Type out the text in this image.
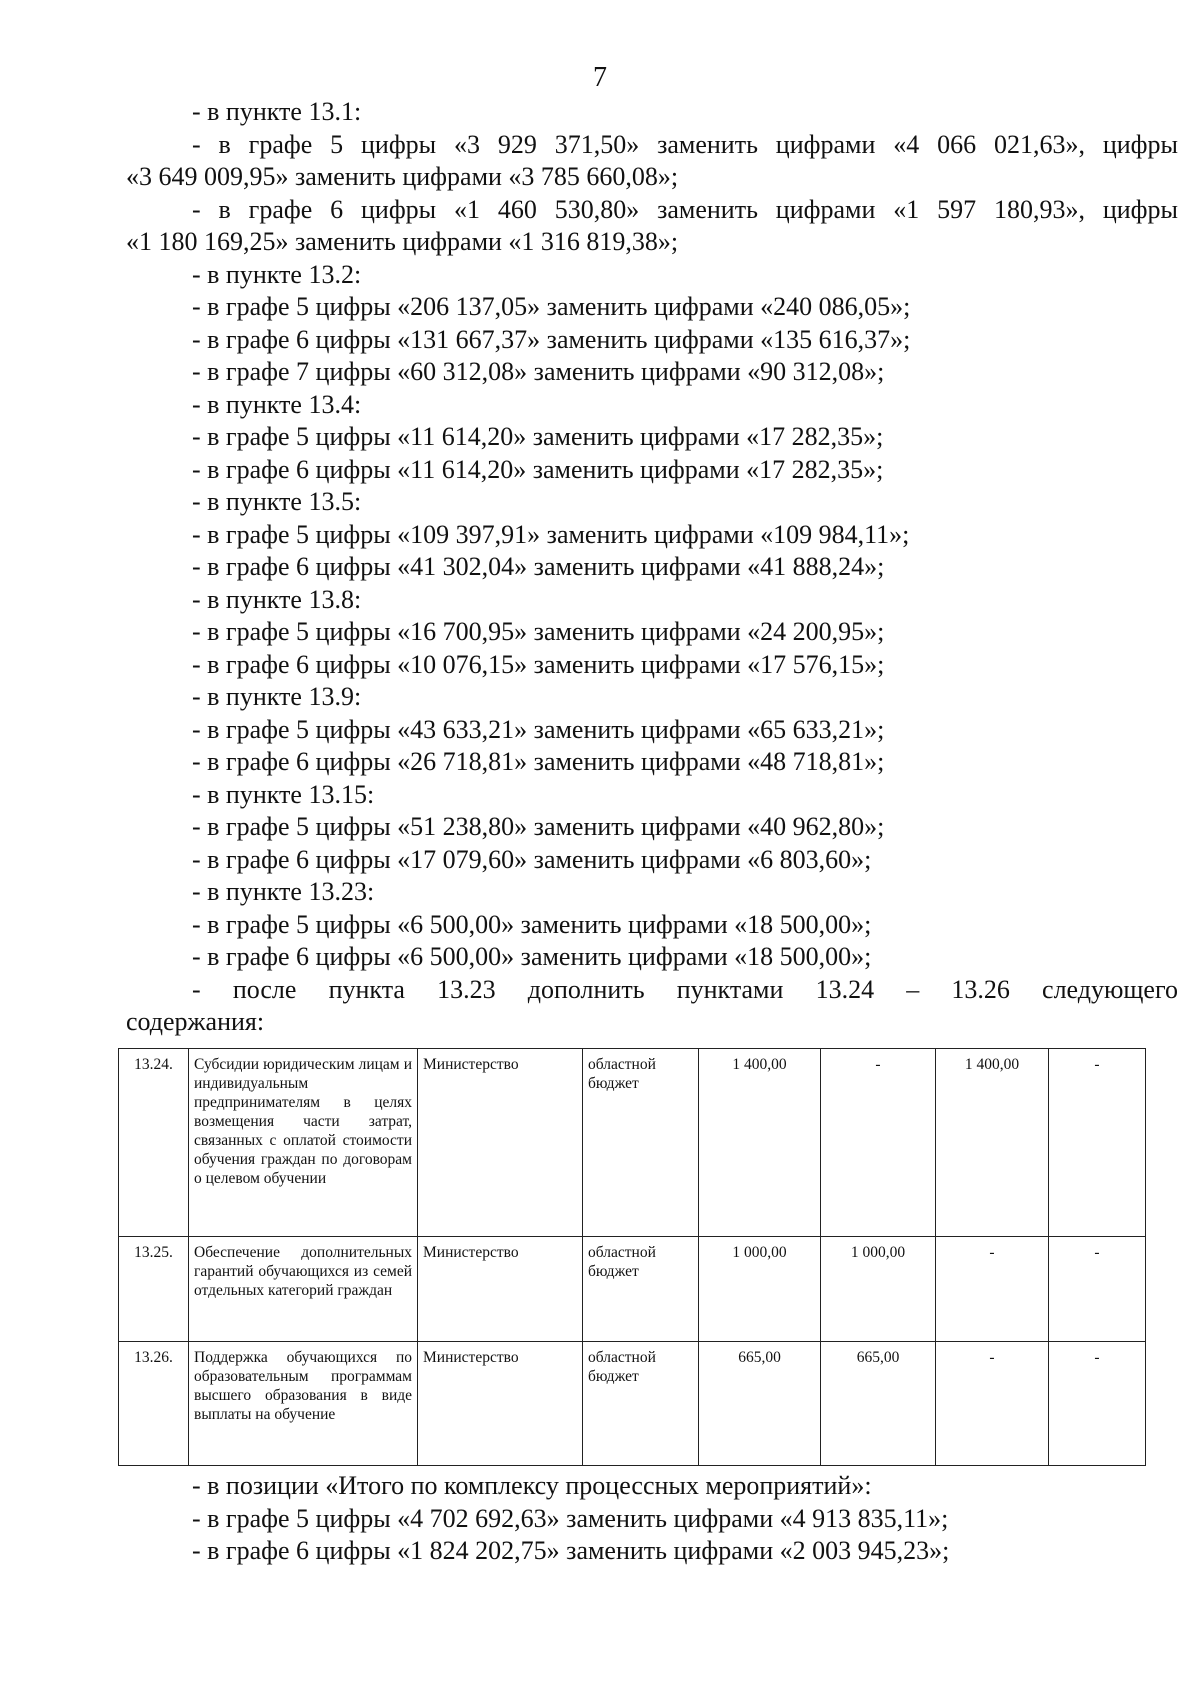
7
- в пункте 13.1:
- в графе 5 цифры «3 929 371,50» заменить цифрами «4 066 021,63», цифры
«3 649 009,95» заменить цифрами «3 785 660,08»;
- в графе 6 цифры «1 460 530,80» заменить цифрами «1 597 180,93», цифры
«1 180 169,25» заменить цифрами «1 316 819,38»;
- в пункте 13.2:
- в графе 5 цифры «206 137,05» заменить цифрами «240 086,05»;
- в графе 6 цифры «131 667,37» заменить цифрами «135 616,37»;
- в графе 7 цифры «60 312,08» заменить цифрами «90 312,08»;
- в пункте 13.4:
- в графе 5 цифры «11 614,20» заменить цифрами «17 282,35»;
- в графе 6 цифры «11 614,20» заменить цифрами «17 282,35»;
- в пункте 13.5:
- в графе 5 цифры «109 397,91» заменить цифрами «109 984,11»;
- в графе 6 цифры «41 302,04» заменить цифрами «41 888,24»;
- в пункте 13.8:
- в графе 5 цифры «16 700,95» заменить цифрами «24 200,95»;
- в графе 6 цифры «10 076,15» заменить цифрами «17 576,15»;
- в пункте 13.9:
- в графе 5 цифры «43 633,21» заменить цифрами «65 633,21»;
- в графе 6 цифры «26 718,81» заменить цифрами «48 718,81»;
- в пункте 13.15:
- в графе 5 цифры «51 238,80» заменить цифрами «40 962,80»;
- в графе 6 цифры «17 079,60» заменить цифрами «6 803,60»;
- в пункте 13.23:
- в графе 5 цифры «6 500,00» заменить цифрами «18 500,00»;
- в графе 6 цифры «6 500,00» заменить цифрами «18 500,00»;
- после пункта 13.23 дополнить пунктами 13.24 – 13.26 следующего
содержания:
13.24.	Субсидии юридическим лицам и индивидуальным предпринимателям в целях возмещения части затрат, связанных с оплатой стоимости обучения граждан по договорам о целевом обучении	Министерство	областной бюджет	1 400,00	-	1 400,00	-
13.25.	Обеспечение дополнительных гарантий обучающихся из семей отдельных категорий граждан	Министерство	областной бюджет	1 000,00	1 000,00	-	-
13.26.	Поддержка обучающихся по образовательным программам высшего образования в виде выплаты на обучение	Министерство	областной бюджет	665,00	665,00	-	-
- в позиции «Итого по комплексу процессных мероприятий»:
- в графе 5 цифры «4 702 692,63» заменить цифрами «4 913 835,11»;
- в графе 6 цифры «1 824 202,75» заменить цифрами «2 003 945,23»;
